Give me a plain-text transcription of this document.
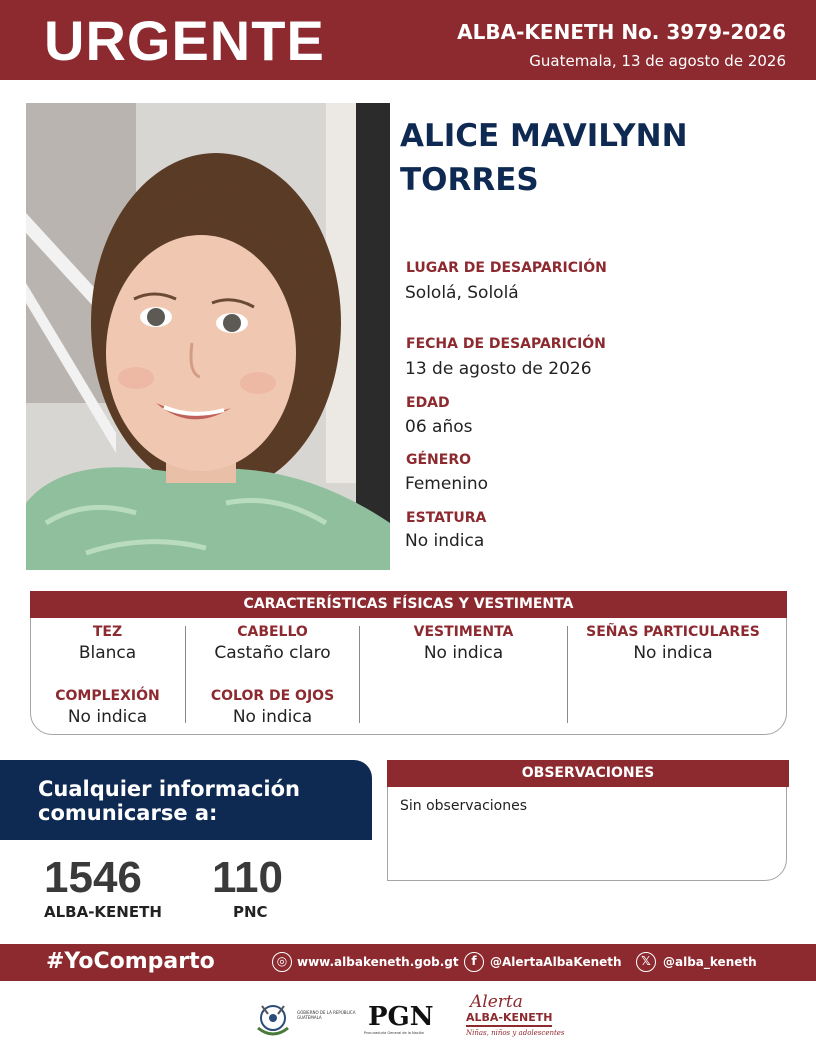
URGENTE	ALBA-KENETH No. 3979-2026
Guatemala, 13 de agosto de 2026
ALICE MAVILYNN
TORRES
LUGAR DE DESAPARICIÓN
Sololá, Sololá
FECHA DE DESAPARICIÓN
13 de agosto de 2026
EDAD
06 años
GÉNERO
Femenino
ESTATURA
No indica
CARACTERÍSTICAS FÍSICAS Y VESTIMENTA
TEZ
Blanca
CABELLO
Castaño claro
VESTIMENTA
No indica
SEÑAS PARTICULARES
No indica
COMPLEXIÓN
No indica
COLOR DE OJOS
No indica
Cualquier información
comunicarse a:
1546
ALBA-KENETH
110
PNC
OBSERVACIONES
Sin observaciones
#YoComparto	◎ www.albakeneth.gob.gt	f	@AlertaAlbaKeneth	𝕏	@alba_keneth
GOBIERNO DE LA REPÚBLICA GUATEMALA	PGN
Procuraduría General de la Nación
Alerta
ALBA-KENETH
Niñas, niños y adolescentes
